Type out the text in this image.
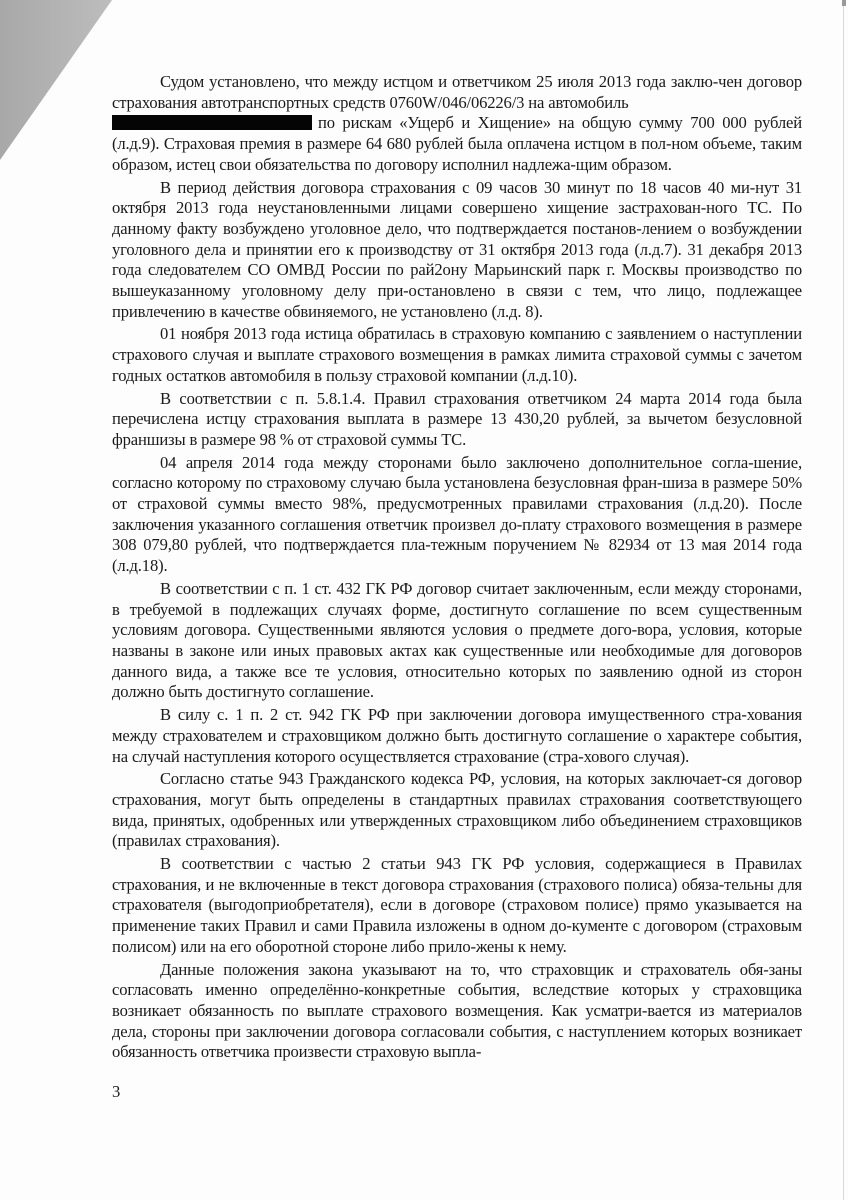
Судом установлено, что между истцом и ответчиком 25 июля 2013 года заклю-чен договор страхования автотранспортных средств 0760W/046/06226/3 на автомобиль
по рискам «Ущерб и Хищение» на общую сумму 700 000 рублей (л.д.9). Страховая премия в размере 64 680 рублей была оплачена истцом в пол-ном объеме, таким образом, истец свои обязательства по договору исполнил надлежа-щим образом.

В период действия договора страхования с 09 часов 30 минут по 18 часов 40 ми-нут 31 октября 2013 года неустановленными лицами совершено хищение застрахован-ного ТС. По данному факту возбуждено уголовное дело, что подтверждается постанов-лением о возбуждении уголовного дела и принятии его к производству от 31 октября 2013 года (л.д.7). 31 декабря 2013 года следователем СО ОМВД России по рай2ону Марьинский парк г. Москвы производство по вышеуказанному уголовному делу при-остановлено в связи с тем, что лицо, подлежащее привлечению в качестве обвиняемого, не установлено (л.д. 8).

01 ноября 2013 года истица обратилась в страховую компанию с заявлением о наступлении страхового случая и выплате страхового возмещения в рамках лимита страховой суммы с зачетом годных остатков автомобиля в пользу страховой компании (л.д.10).

В соответствии с п. 5.8.1.4. Правил страхования ответчиком 24 марта 2014 года была перечислена истцу страхования выплата в размере 13 430,20 рублей, за вычетом безусловной франшизы в размере 98 % от страховой суммы ТС.

04 апреля 2014 года между сторонами было заключено дополнительное согла-шение, согласно которому по страховому случаю была установлена безусловная фран-шиза в размере 50% от страховой суммы вместо 98%, предусмотренных правилами страхования (л.д.20). После заключения указанного соглашения ответчик произвел до-плату страхового возмещения в размере 308 079,80 рублей, что подтверждается пла-тежным поручением № 82934 от 13 мая 2014 года (л.д.18).

В соответствии с п. 1 ст. 432 ГК РФ договор считает заключенным, если между сторонами, в требуемой в подлежащих случаях форме, достигнуто соглашение по всем существенным условиям договора. Существенными являются условия о предмете дого-вора, условия, которые названы в законе или иных правовых актах как существенные или необходимые для договоров данного вида, а также все те условия, относительно которых по заявлению одной из сторон должно быть достигнуто соглашение.

В силу с. 1 п. 2 ст. 942 ГК РФ при заключении договора имущественного стра-хования между страхователем и страховщиком должно быть достигнуто соглашение о характере события, на случай наступления которого осуществляется страхование (стра-хового случая).

Согласно статье 943 Гражданского кодекса РФ, условия, на которых заключает-ся договор страхования, могут быть определены в стандартных правилах страхования соответствующего вида, принятых, одобренных или утвержденных страховщиком либо объединением страховщиков (правилах страхования).

В соответствии с частью 2 статьи 943 ГК РФ условия, содержащиеся в Правилах страхования, и не включенные в текст договора страхования (страхового полиса) обяза-тельны для страхователя (выгодоприобретателя), если в договоре (страховом полисе) прямо указывается на применение таких Правил и сами Правила изложены в одном до-кументе с договором (страховым полисом) или на его оборотной стороне либо прило-жены к нему.

Данные положения закона указывают на то, что страховщик и страхователь обя-заны согласовать именно определённо-конкретные события, вследствие которых у страховщика возникает обязанность по выплате страхового возмещения. Как усматри-вается из материалов дела, стороны при заключении договора согласовали события, с наступлением которых возникает обязанность ответчика произвести страховую выпла-

3
